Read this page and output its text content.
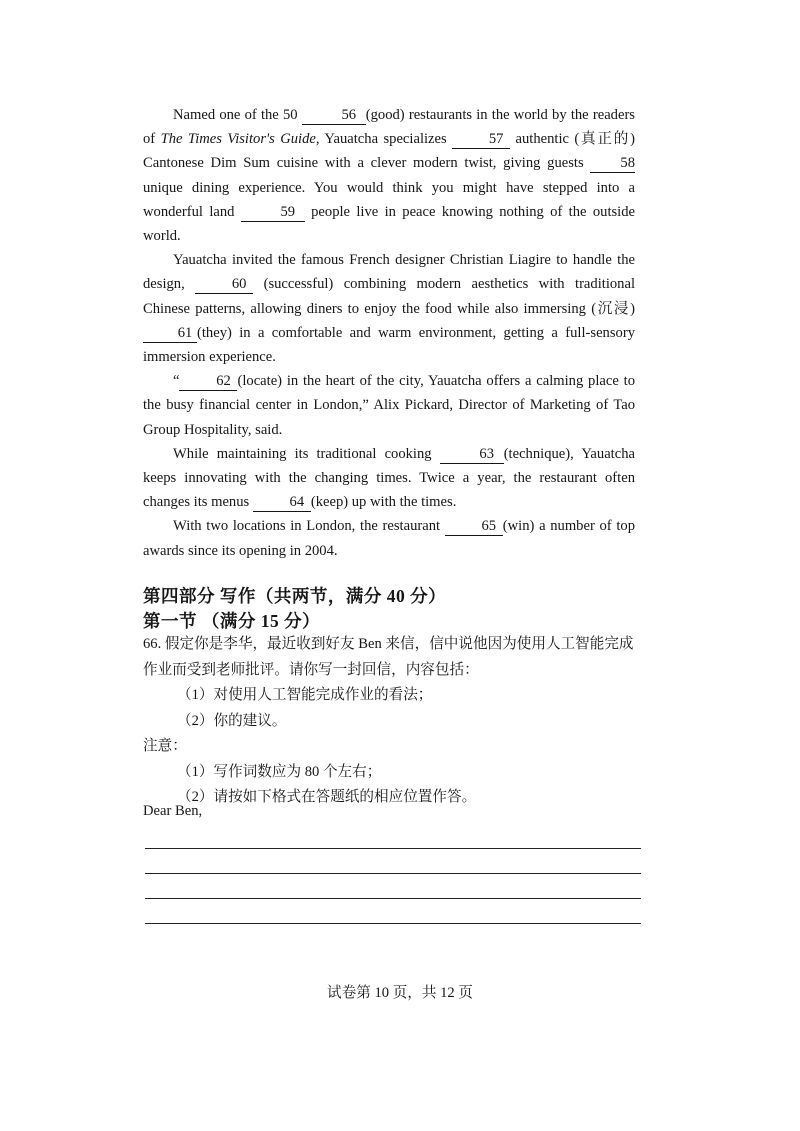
Named one of the 50	56 (good) restaurants in the world by the readers of The Times Visitor's Guide, Yauatcha specializes	57 authentic (真正的) Cantonese Dim Sum cuisine with a clever modern twist, giving guests 58 unique dining experience. You would think you might have stepped into a wonderful land	59 people live in peace knowing nothing of the outside world.

Yauatcha invited the famous French designer Christian Liagire to handle the design,	60 (successful) combining modern aesthetics with traditional Chinese patterns, allowing diners to enjoy the food while also immersing (沉浸) 61 (they) in a comfortable and warm environment, getting a full-sensory immersion experience.

“	62 (locate) in the heart of the city, Yauatcha offers a calming place to the busy financial center in London,” Alix Pickard, Director of Marketing of Tao Group Hospitality, said.

While maintaining its traditional cooking	63 (technique), Yauatcha keeps innovating with the changing times. Twice a year, the restaurant often changes its menus	64 (keep) up with the times.

With two locations in London, the restaurant	65 (win) a number of top awards since its opening in 2004.

第四部分 写作（共两节，满分 40 分）
第一节 （满分 15 分）

66. 假定你是李华，最近收到好友 Ben 来信，信中说他因为使用人工智能完成作业而受到老师批评。请你写一封回信，内容包括：

（1）对使用人工智能完成作业的看法；

（2）你的建议。

注意：

（1）写作词数应为 80 个左右；

（2）请按如下格式在答题纸的相应位置作答。

Dear Ben,
试卷第 10 页，共 12 页
